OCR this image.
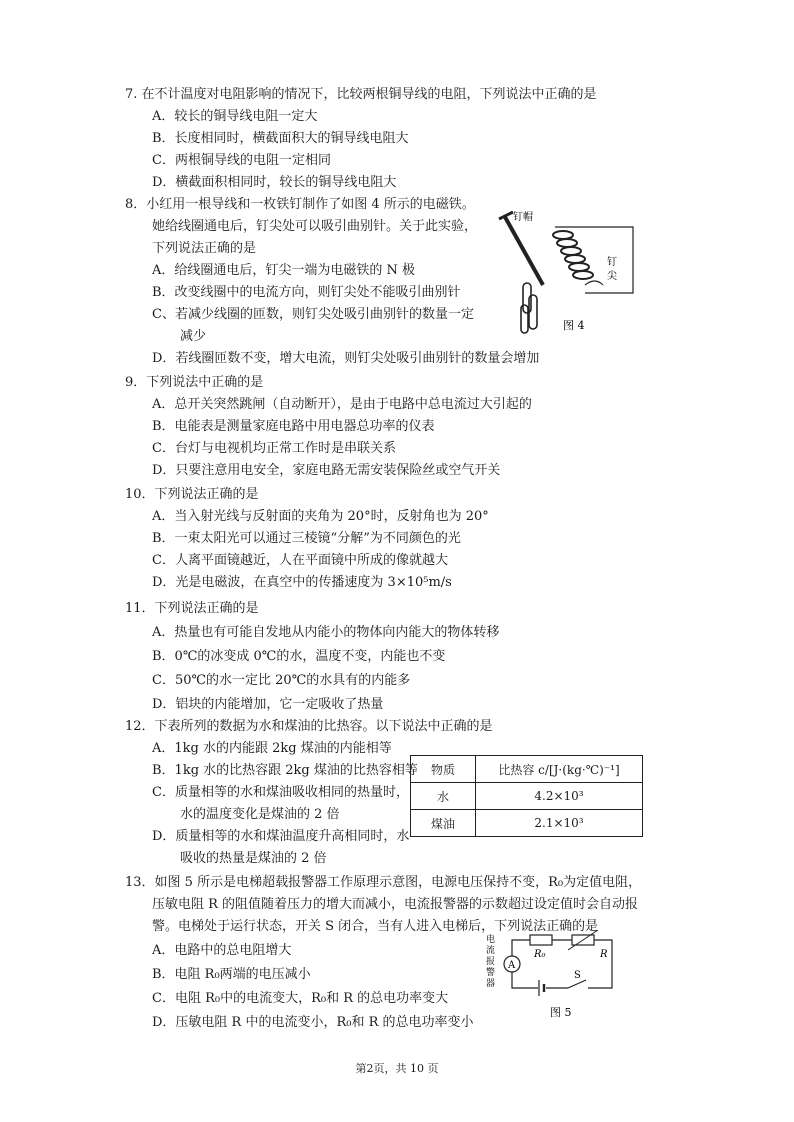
7. 在不计温度对电阻影响的情况下，比较两根铜导线的电阻，下列说法中正确的是
A．较长的铜导线电阻一定大
B．长度相同时，横截面积大的铜导线电阻大
C．两根铜导线的电阻一定相同
D．横截面积相同时，较长的铜导线电阻大
8．小红用一根导线和一枚铁钉制作了如图 4 所示的电磁铁。
她给线圈通电后，钉尖处可以吸引曲别针。关于此实验，
下列说法正确的是
A．给线圈通电后，钉尖一端为电磁铁的 N 极
B．改变线圈中的电流方向，则钉尖处不能吸引曲别针
C、若减少线圈的匝数，则钉尖处吸引曲别针的数量一定
减少
D．若线圈匝数不变，增大电流，则钉尖处吸引曲别针的数量会增加
钉帽
钉
尖
图 4
9．下列说法中正确的是
A．总开关突然跳闸（自动断开），是由于电路中总电流过大引起的
B．电能表是测量家庭电路中用电器总功率的仪表
C．台灯与电视机均正常工作时是串联关系
D．只要注意用电安全，家庭电路无需安装保险丝或空气开关
10．下列说法正确的是
A．当入射光线与反射面的夹角为 20°时，反射角也为 20°
B．一束太阳光可以通过三棱镜“分解”为不同颜色的光
C．人离平面镜越近，人在平面镜中所成的像就越大
D．光是电磁波，在真空中的传播速度为 3×10⁵m/s
11．下列说法正确的是
A．热量也有可能自发地从内能小的物体向内能大的物体转移
B．0℃的冰变成 0℃的水，温度不变，内能也不变
C．50℃的水一定比 20℃的水具有的内能多
D．铝块的内能增加，它一定吸收了热量
12．下表所列的数据为水和煤油的比热容。以下说法中正确的是
A．1kg 水的内能跟 2kg 煤油的内能相等
B．1kg 水的比热容跟 2kg 煤油的比热容相等
C．质量相等的水和煤油吸收相同的热量时，
水的温度变化是煤油的 2 倍
D．质量相等的水和煤油温度升高相同时，水
吸收的热量是煤油的 2 倍
物质	比热容 c/[J·(kg·℃)⁻¹]
水	4.2×10³
煤油	2.1×10³
13．如图 5 所示是电梯超载报警器工作原理示意图，电源电压保持不变，R₀为定值电阻，
压敏电阻 R 的阻值随着压力的增大而减小，电流报警器的示数超过设定值时会自动报
警。电梯处于运行状态，开关 S 闭合，当有人进入电梯后，下列说法正确的是
A．电路中的总电阻增大
B．电阻 R₀两端的电压减小
C．电阻 R₀中的电流变大，R₀和 R 的总电功率变大
D．压敏电阻 R 中的电流变小，R₀和 R 的总电功率变小
电
流
报
警
器
R₀	R
A
S
图 5
第2页，共 10 页
